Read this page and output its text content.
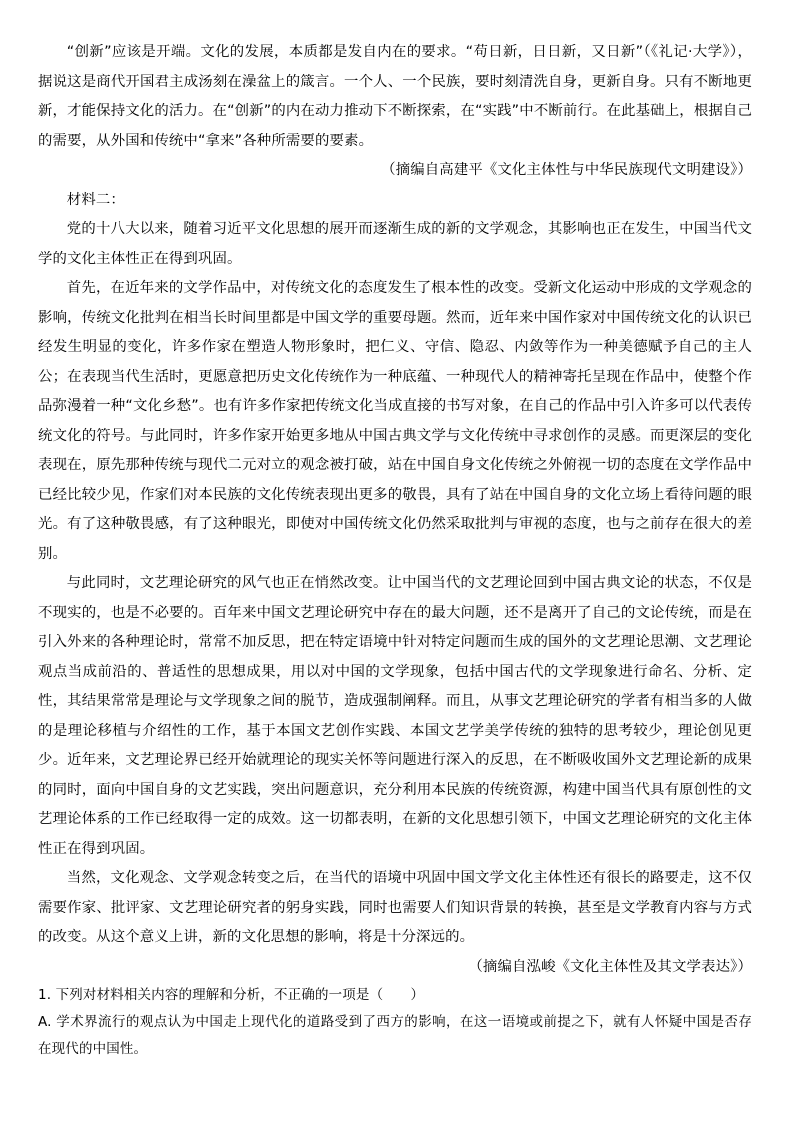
“创新”应该是开端。文化的发展，本质都是发自内在的要求。“苟日新，日日新，又日新”（《礼记·大学》），据说这是商代开国君主成汤刻在澡盆上的箴言。一个人、一个民族，要时刻清洗自身，更新自身。只有不断地更新，才能保持文化的活力。在“创新”的内在动力推动下不断探索，在“实践”中不断前行。在此基础上，根据自己的需要，从外国和传统中“拿来”各种所需要的要素。

（摘编自高建平《文化主体性与中华民族现代文明建设》）

材料二：

党的十八大以来，随着习近平文化思想的展开而逐渐生成的新的文学观念，其影响也正在发生，中国当代文学的文化主体性正在得到巩固。

首先，在近年来的文学作品中，对传统文化的态度发生了根本性的改变。受新文化运动中形成的文学观念的影响，传统文化批判在相当长时间里都是中国文学的重要母题。然而，近年来中国作家对中国传统文化的认识已经发生明显的变化，许多作家在塑造人物形象时，把仁义、守信、隐忍、内敛等作为一种美德赋予自己的主人公；在表现当代生活时，更愿意把历史文化传统作为一种底蕴、一种现代人的精神寄托呈现在作品中，使整个作品弥漫着一种“文化乡愁”。也有许多作家把传统文化当成直接的书写对象，在自己的作品中引入许多可以代表传统文化的符号。与此同时，许多作家开始更多地从中国古典文学与文化传统中寻求创作的灵感。而更深层的变化表现在，原先那种传统与现代二元对立的观念被打破，站在中国自身文化传统之外俯视一切的态度在文学作品中已经比较少见，作家们对本民族的文化传统表现出更多的敬畏，具有了站在中国自身的文化立场上看待问题的眼光。有了这种敬畏感，有了这种眼光，即使对中国传统文化仍然采取批判与审视的态度，也与之前存在很大的差别。

与此同时，文艺理论研究的风气也正在悄然改变。让中国当代的文艺理论回到中国古典文论的状态，不仅是不现实的，也是不必要的。百年来中国文艺理论研究中存在的最大问题，还不是离开了自己的文论传统，而是在引入外来的各种理论时，常常不加反思，把在特定语境中针对特定问题而生成的国外的文艺理论思潮、文艺理论观点当成前沿的、普适性的思想成果，用以对中国的文学现象，包括中国古代的文学现象进行命名、分析、定性，其结果常常是理论与文学现象之间的脱节，造成强制阐释。而且，从事文艺理论研究的学者有相当多的人做的是理论移植与介绍性的工作，基于本国文艺创作实践、本国文艺学美学传统的独特的思考较少，理论创见更少。近年来，文艺理论界已经开始就理论的现实关怀等问题进行深入的反思，在不断吸收国外文艺理论新的成果的同时，面向中国自身的文艺实践，突出问题意识，充分利用本民族的传统资源，构建中国当代具有原创性的文艺理论体系的工作已经取得一定的成效。这一切都表明，在新的文化思想引领下，中国文艺理论研究的文化主体性正在得到巩固。

当然，文化观念、文学观念转变之后，在当代的语境中巩固中国文学文化主体性还有很长的路要走，这不仅需要作家、批评家、文艺理论研究者的躬身实践，同时也需要人们知识背景的转换，甚至是文学教育内容与方式的改变。从这个意义上讲，新的文化思想的影响，将是十分深远的。

（摘编自泓峻《文化主体性及其文学表达》）

1. 下列对材料相关内容的理解和分析，不正确的一项是（　　）

A. 学术界流行的观点认为中国走上现代化的道路受到了西方的影响，在这一语境或前提之下，就有人怀疑中国是否存在现代的中国性。
